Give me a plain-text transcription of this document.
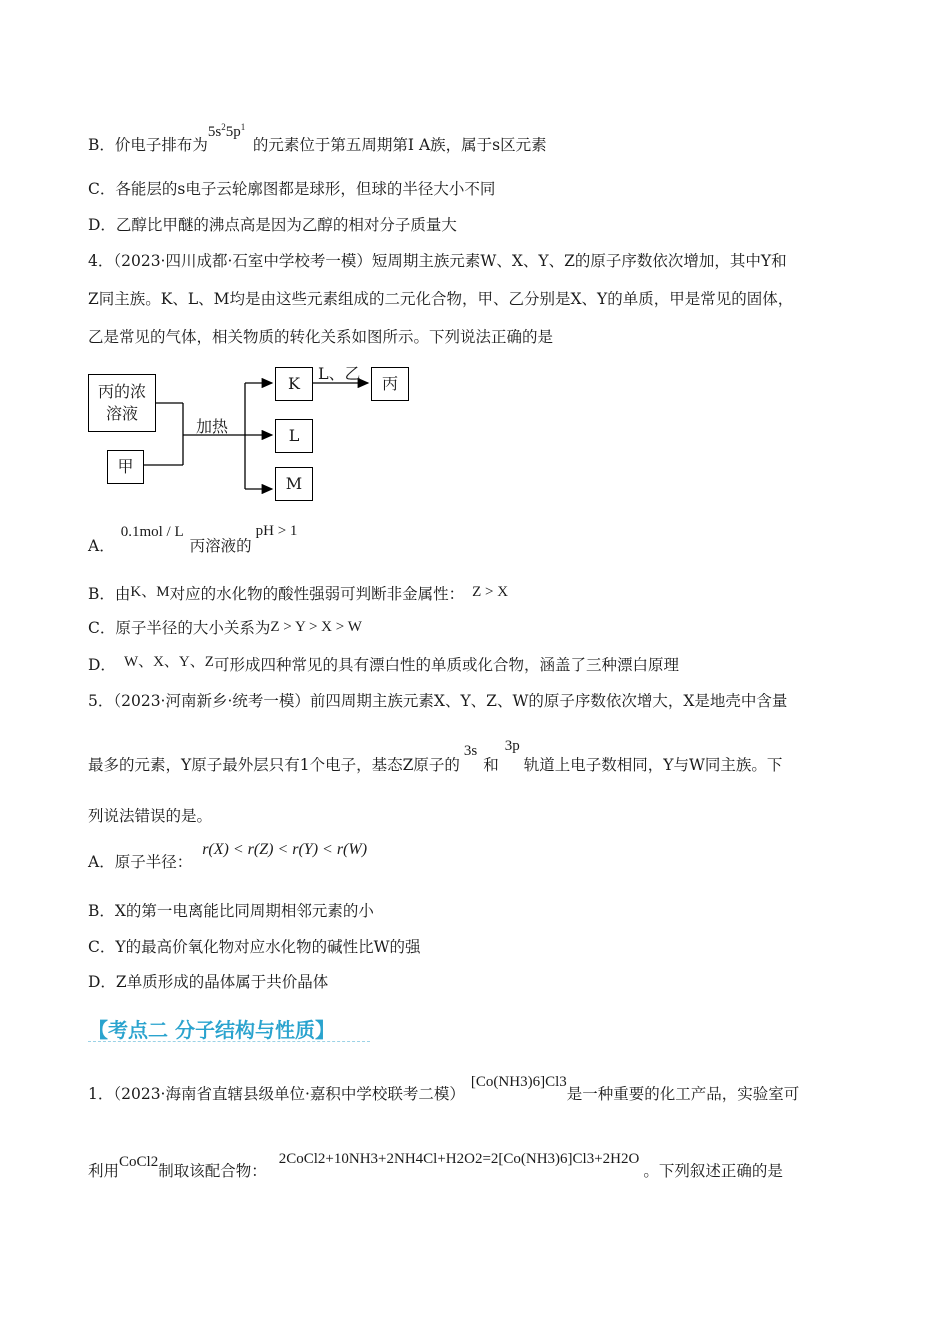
B．价电子排布为$5s^25p^1$的元素位于第五周期第Ⅰ A族，属于s区元素
C．各能层的s电子云轮廓图都是球形，但球的半径大小不同
D．乙醇比甲醚的沸点高是因为乙醇的相对分子质量大
4．（2023·四川成都·石室中学校考一模）短周期主族元素W、X、Y、Z的原子序数依次增加，其中Y和
Z同主族。K、L、M均是由这些元素组成的二元化合物，甲、乙分别是X、Y的单质，甲是常见的固体，
乙是常见的气体，相关物质的转化关系如图所示。下列说法正确的是
丙的浓
溶液
甲
加热
K
L
M
L、乙
丙
A．0.1mol / L丙溶液的pH > 1
B．由K、M对应的水化物的酸性强弱可判断非金属性： Z > X
C．原子半径的大小关系为Z > Y > X > W
D． W、X、Y、Z可形成四种常见的具有漂白性的单质或化合物，涵盖了三种漂白原理
5．（2023·河南新乡·统考一模）前四周期主族元素X、Y、Z、W的原子序数依次增大，X是地壳中含量
最多的元素，Y原子最外层只有1个电子，基态Z原子的3s和3p轨道上电子数相同，Y与W同主族。下
列说法错误的是。
A．原子半径：r(X) < r(Z) < r(Y) < r(W)
B．X的第一电离能比同周期相邻元素的小
C．Y的最高价氧化物对应水化物的碱性比W的强
D．Z单质形成的晶体属于共价晶体
【考点二 分子结构与性质】
1．（2023·海南省直辖县级单位·嘉积中学校联考二模）[Co(NH3)6]Cl3是一种重要的化工产品，实验室可
利用CoCl2制取该配合物：2CoCl2+10NH3+2NH4Cl+H2O2=2[Co(NH3)6]Cl3+2H2O。下列叙述正确的是
